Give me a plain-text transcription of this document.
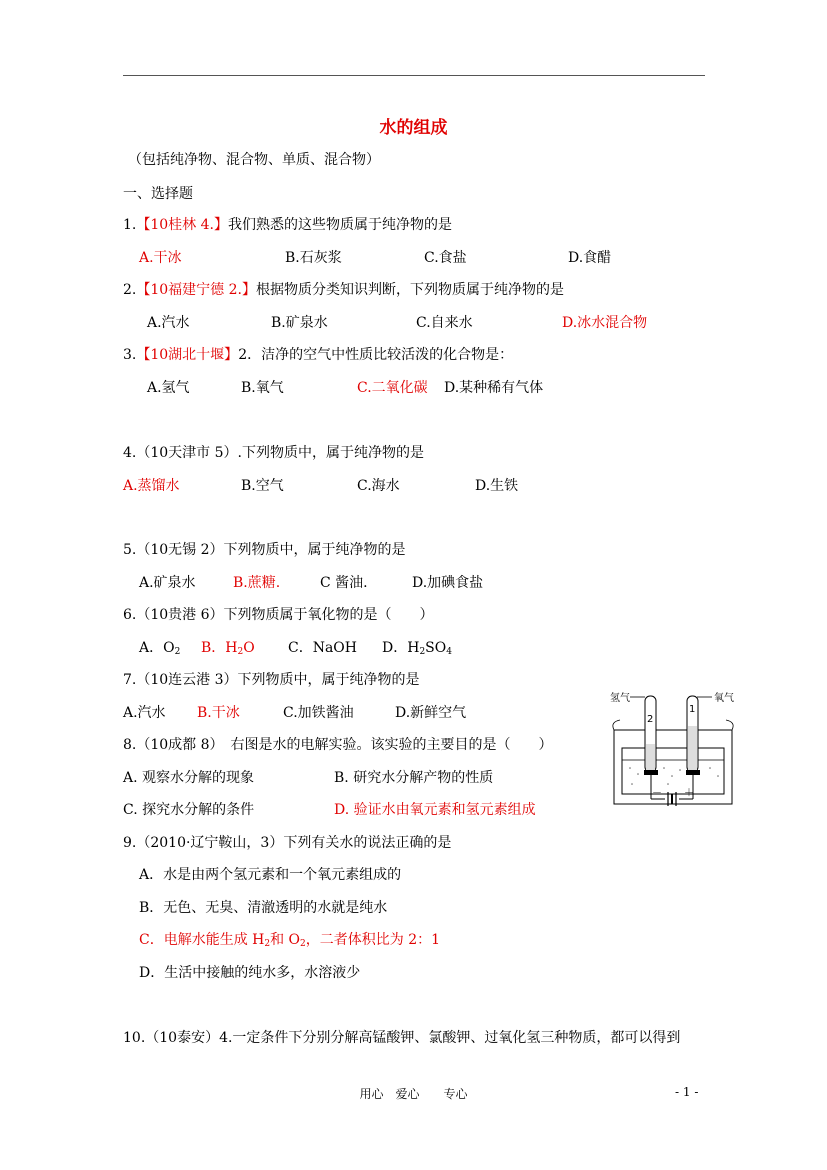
水的组成
（包括纯净物、混合物、单质、混合物）
一、选择题
1.【10桂林 4.】我们熟悉的这些物质属于纯净物的是
A.干冰	B.石灰浆	C.食盐	D.食醋
2.【10福建宁德 2.】根据物质分类知识判断，下列物质属于纯净物的是
A.汽水	B.矿泉水	C.自来水	D.冰水混合物
3.【10湖北十堰】2．洁净的空气中性质比较活泼的化合物是：
A.氢气	B.氧气	C.二氧化碳 D.某种稀有气体
4.（10天津市 5）.下列物质中，属于纯净物的是
A.蒸馏水	B.空气	C.海水	D.生铁
5.（10无锡 2）下列物质中，属于纯净物的是
A.矿泉水	B.蔗糖.	C 酱油.	D.加碘食盐
6.（10贵港 6）下列物质属于氧化物的是（　　）
A．$O_2$ B．$H_2O$ C．NaOH D．$H_2SO_4$
7.（10连云港 3）下列物质中，属于纯净物的是
A.汽水 B.干冰	C.加铁酱油	D.新鲜空气
8.（10成都 8）　右图是水的电解实验。该实验的主要目的是（　　）
A. 观察水分解的现象	B. 研究水分解产物的性质
C. 探究水分解的条件	D. 验证水由氧元素和氢元素组成
氢气	氧气
2
1
－ ＋
9.（2010·辽宁鞍山，3）下列有关水的说法正确的是
A．水是由两个氢元素和一个氧元素组成的
B．无色、无臭、清澈透明的水就是纯水
C．电解水能生成 $H_2$和 $O_2$，二者体积比为 2：1
D．生活中接触的纯水多，水溶液少
10.（10泰安）4.一定条件下分别分解高锰酸钾、氯酸钾、过氧化氢三种物质，都可以得到
用心　爱心　　专心	- 1 -
